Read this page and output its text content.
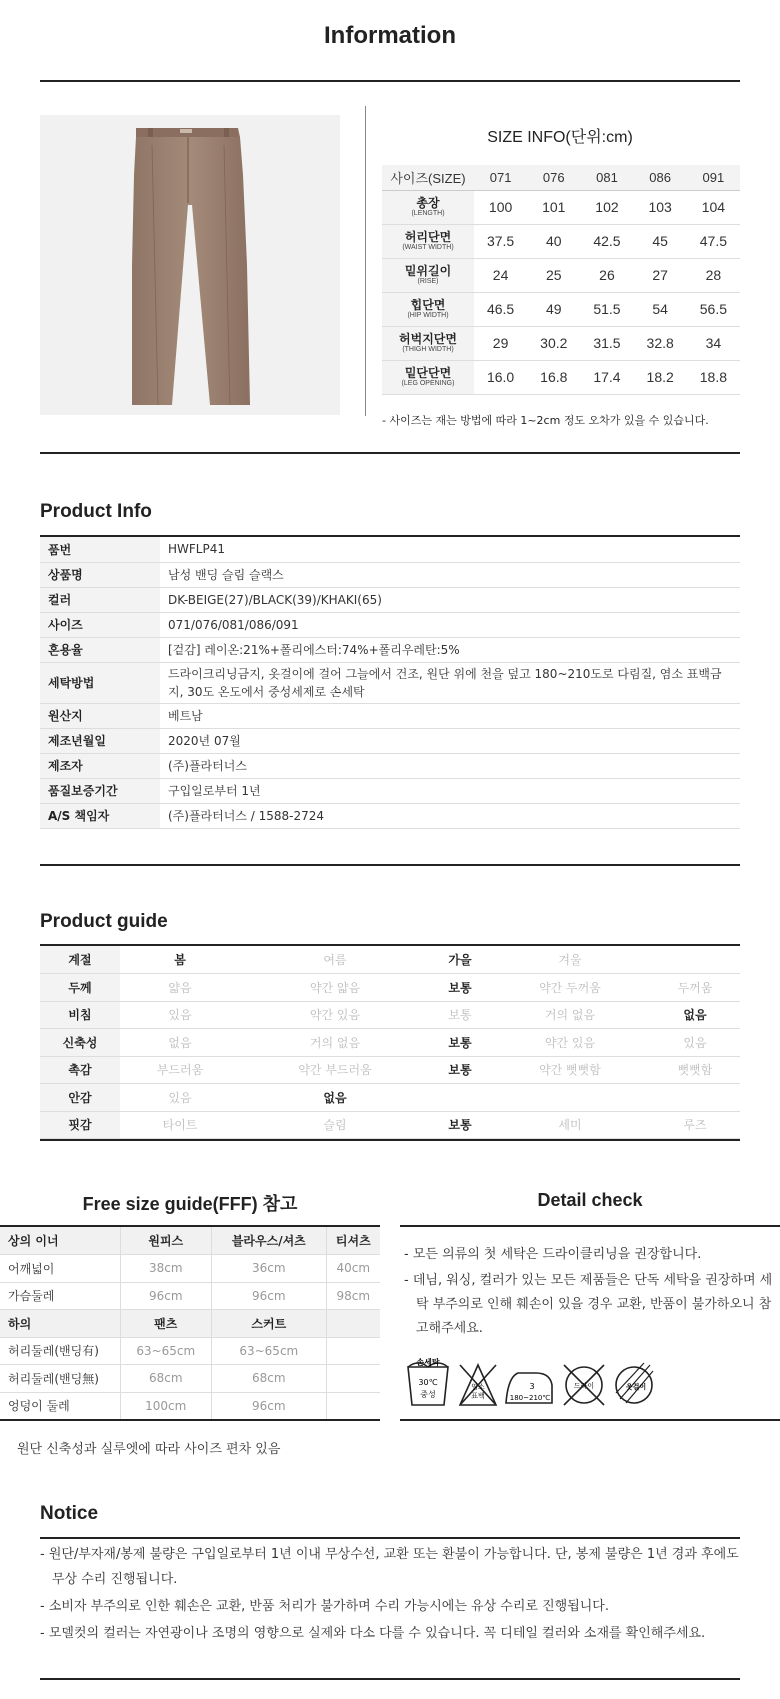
Information
SIZE INFO(단위:cm)
사이즈(SIZE)	071	076	081	086	091

총장
(LENGTH)	100	101	102	103	104

허리단면
(WAIST WIDTH)	37.5	40	42.5	45	47.5

밑위길이
(RISE)	24	25	26	27	28

힙단면
(HIP WIDTH)	46.5	49	51.5	54	56.5

허벅지단면
(THIGH WIDTH)	29	30.2	31.5	32.8	34

밑단단면
(LEG OPENING)	16.0	16.8	17.4	18.2	18.8
- 사이즈는 재는 방법에 따라 1~2cm 정도 오차가 있을 수 있습니다.
Product Info
품번	HWFLP41
상품명	남성 밴딩 슬림 슬랙스
컬러	DK-BEIGE(27)/BLACK(39)/KHAKI(65)
사이즈	071/076/081/086/091
혼용율	[겉감] 레이온:21%+폴리에스터:74%+폴리우레탄:5%
세탁방법	드라이크리닝금지, 옷걸이에 걸어 그늘에서 건조, 원단 위에 천을 덮고 180~210도로 다림질, 염소 표백금지, 30도 온도에서 중성세제로 손세탁
원산지	베트남
제조년월일	2020년 07월
제조자	(주)플라터너스
품질보증기간	구입일로부터 1년
A/S 책임자	(주)플라터너스 / 1588-2724
Product guide
계절	봄	여름	가을	겨울	
두께	얇음	약간 얇음	보통	약간 두꺼움	두꺼움
비침	있음	약간 있음	보통	거의 없음	없음
신축성	없음	거의 없음	보통	약간 있음	있음
촉감	부드러움	약간 부드러움	보통	약간 뻣뻣함	뻣뻣함
안감	있음	없음			
핏감	타이트	슬림	보통	세미	루즈
Free size guide(FFF) 참고
상의 이너	원피스	블라우스/셔츠	티셔츠
어깨넓이	38cm	36cm	40cm
가슴둘레	96cm	96cm	98cm
하의	팬츠	스커트	
허리둘레(밴딩有)	63~65cm	63~65cm	
허리둘레(밴딩無)	68cm	68cm	
엉덩이 둘레	100cm	96cm	
원단 신축성과 실루엣에 따라 사이즈 편차 있음
Detail check
- 모든 의류의 첫 세탁은 드라이클리닝을 권장합니다.
- 데님, 워싱, 컬러가 있는 모든 제품들은 단독 세탁을 권장하며 세탁 부주의로 인해 훼손이 있을 경우 교환, 반품이 불가하오니 참고해주세요.
손세탁
30℃
중성
염소
표백
3
180~210℃
드라이	옷걸이
Notice
- 원단/부자재/봉제 불량은 구입일로부터 1년 이내 무상수선, 교환 또는 환불이 가능합니다. 단, 봉제 불량은 1년 경과 후에도 무상 수리 진행됩니다.
- 소비자 부주의로 인한 훼손은 교환, 반품 처리가 불가하며 수리 가능시에는 유상 수리로 진행됩니다.
- 모델컷의 컬러는 자연광이나 조명의 영향으로 실제와 다소 다를 수 있습니다. 꼭 디테일 컬러와 소재를 확인해주세요.
